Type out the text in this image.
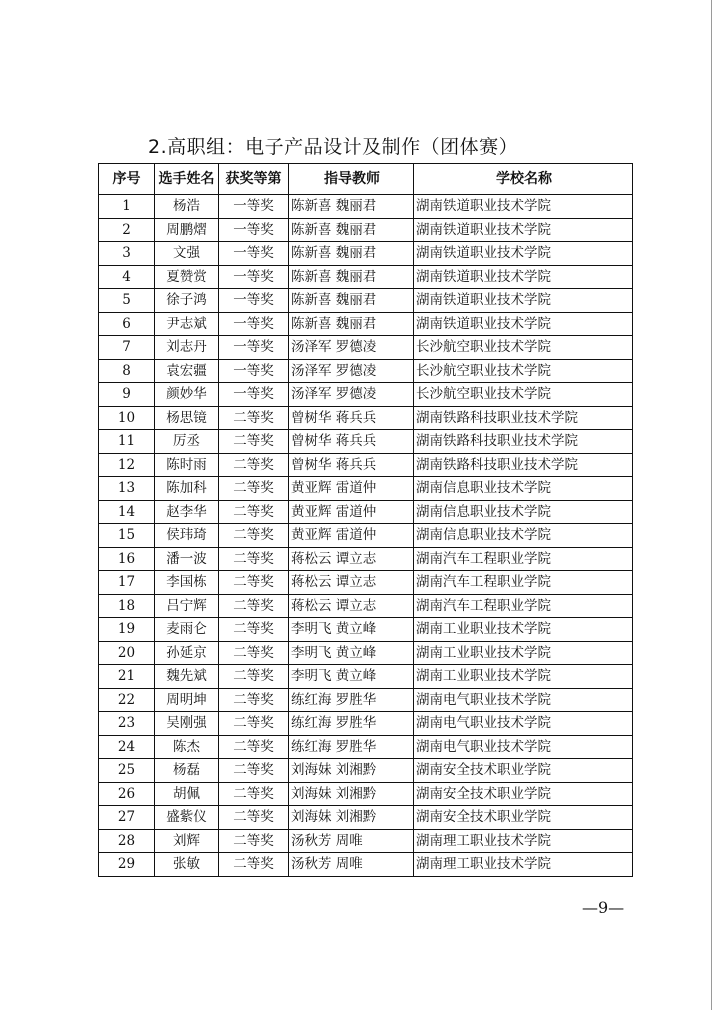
2.高职组：电子产品设计及制作（团体赛）
序号	选手姓名	获奖等第	指导教师	学校名称
1	杨浩	一等奖	陈新喜 魏丽君	湖南铁道职业技术学院
2	周鹏熠	一等奖	陈新喜 魏丽君	湖南铁道职业技术学院
3	文强	一等奖	陈新喜 魏丽君	湖南铁道职业技术学院
4	夏赞赏	一等奖	陈新喜 魏丽君	湖南铁道职业技术学院
5	徐子鸿	一等奖	陈新喜 魏丽君	湖南铁道职业技术学院
6	尹志斌	一等奖	陈新喜 魏丽君	湖南铁道职业技术学院
7	刘志丹	一等奖	汤泽军 罗德凌	长沙航空职业技术学院
8	袁宏疆	一等奖	汤泽军 罗德凌	长沙航空职业技术学院
9	颜妙华	一等奖	汤泽军 罗德凌	长沙航空职业技术学院
10	杨思镜	二等奖	曾树华 蒋兵兵	湖南铁路科技职业技术学院
11	厉丞	二等奖	曾树华 蒋兵兵	湖南铁路科技职业技术学院
12	陈时雨	二等奖	曾树华 蒋兵兵	湖南铁路科技职业技术学院
13	陈加科	二等奖	黄亚辉 雷道仲	湖南信息职业技术学院
14	赵李华	二等奖	黄亚辉 雷道仲	湖南信息职业技术学院
15	侯玮琦	二等奖	黄亚辉 雷道仲	湖南信息职业技术学院
16	潘一波	二等奖	蒋松云 谭立志	湖南汽车工程职业学院
17	李国栋	二等奖	蒋松云 谭立志	湖南汽车工程职业学院
18	吕宁辉	二等奖	蒋松云 谭立志	湖南汽车工程职业学院
19	麦雨仑	二等奖	李明飞 黄立峰	湖南工业职业技术学院
20	孙延京	二等奖	李明飞 黄立峰	湖南工业职业技术学院
21	魏先斌	二等奖	李明飞 黄立峰	湖南工业职业技术学院
22	周明坤	二等奖	练红海 罗胜华	湖南电气职业技术学院
23	吴刚强	二等奖	练红海 罗胜华	湖南电气职业技术学院
24	陈杰	二等奖	练红海 罗胜华	湖南电气职业技术学院
25	杨磊	二等奖	刘海妹 刘湘黔	湖南安全技术职业学院
26	胡佩	二等奖	刘海妹 刘湘黔	湖南安全技术职业学院
27	盛紫仪	二等奖	刘海妹 刘湘黔	湖南安全技术职业学院
28	刘辉	二等奖	汤秋芳 周唯	湖南理工职业技术学院
29	张敏	二等奖	汤秋芳 周唯	湖南理工职业技术学院
—9—
